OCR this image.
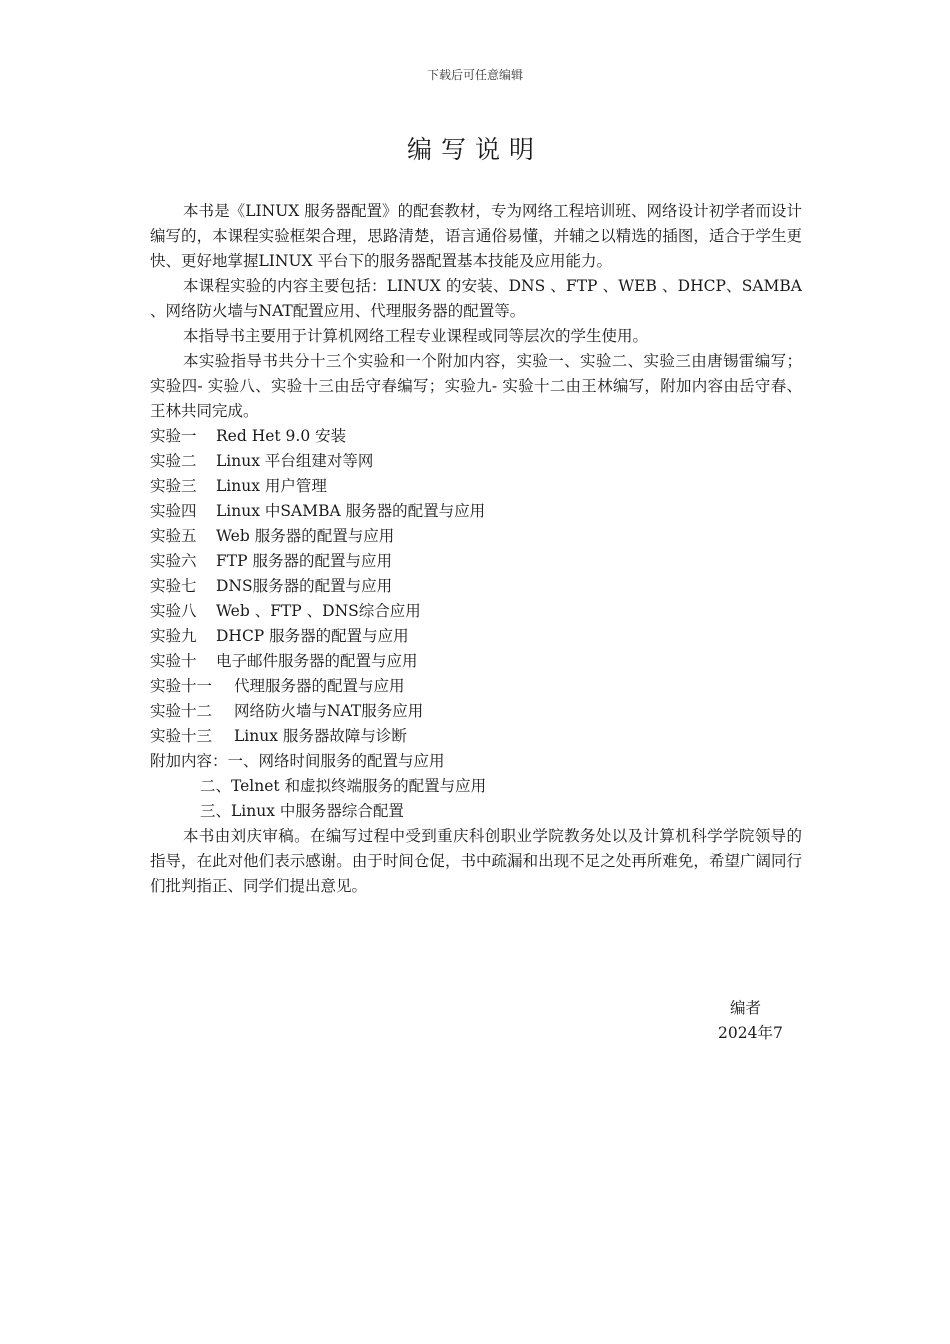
下载后可任意编辑
编写说明

本书是《LINUX 服务器配置》的配套教材，专为网络工程培训班、网络设计初学者而设计编写的，本课程实验框架合理，思路清楚，语言通俗易懂，并辅之以精选的插图，适合于学生更快、更好地掌握LINUX 平台下的服务器配置基本技能及应用能力。

本课程实验的内容主要包括：LINUX 的安装、DNS 、FTP 、WEB 、DHCP、SAMBA 、网络防火墙与NAT配置应用、代理服务器的配置等。

本指导书主要用于计算机网络工程专业课程或同等层次的学生使用。

本实验指导书共分十三个实验和一个附加内容，实验一、实验二、实验三由唐锡雷编写；实验四- 实验八、实验十三由岳守春编写；实验九- 实验十二由王林编写，附加内容由岳守春、王林共同完成。

实验一 Red Het 9.0 安装

实验二 Linux 平台组建对等网

实验三 Linux 用户管理

实验四 Linux 中SAMBA 服务器的配置与应用

实验五 Web 服务器的配置与应用

实验六 FTP 服务器的配置与应用

实验七 DNS服务器的配置与应用

实验八 Web 、FTP 、DNS综合应用

实验九 DHCP 服务器的配置与应用

实验十 电子邮件服务器的配置与应用

实验十一 代理服务器的配置与应用

实验十二 网络防火墙与NAT服务应用

实验十三 Linux 服务器故障与诊断

附加内容：一、网络时间服务的配置与应用

二、Telnet 和虚拟终端服务的配置与应用

三、Linux 中服务器综合配置

本书由刘庆审稿。在编写过程中受到重庆科创职业学院教务处以及计算机科学学院领导的指导，在此对他们表示感谢。由于时间仓促，书中疏漏和出现不足之处再所难免，希望广阔同行们批判指正、同学们提出意见。

编者
2024年7
